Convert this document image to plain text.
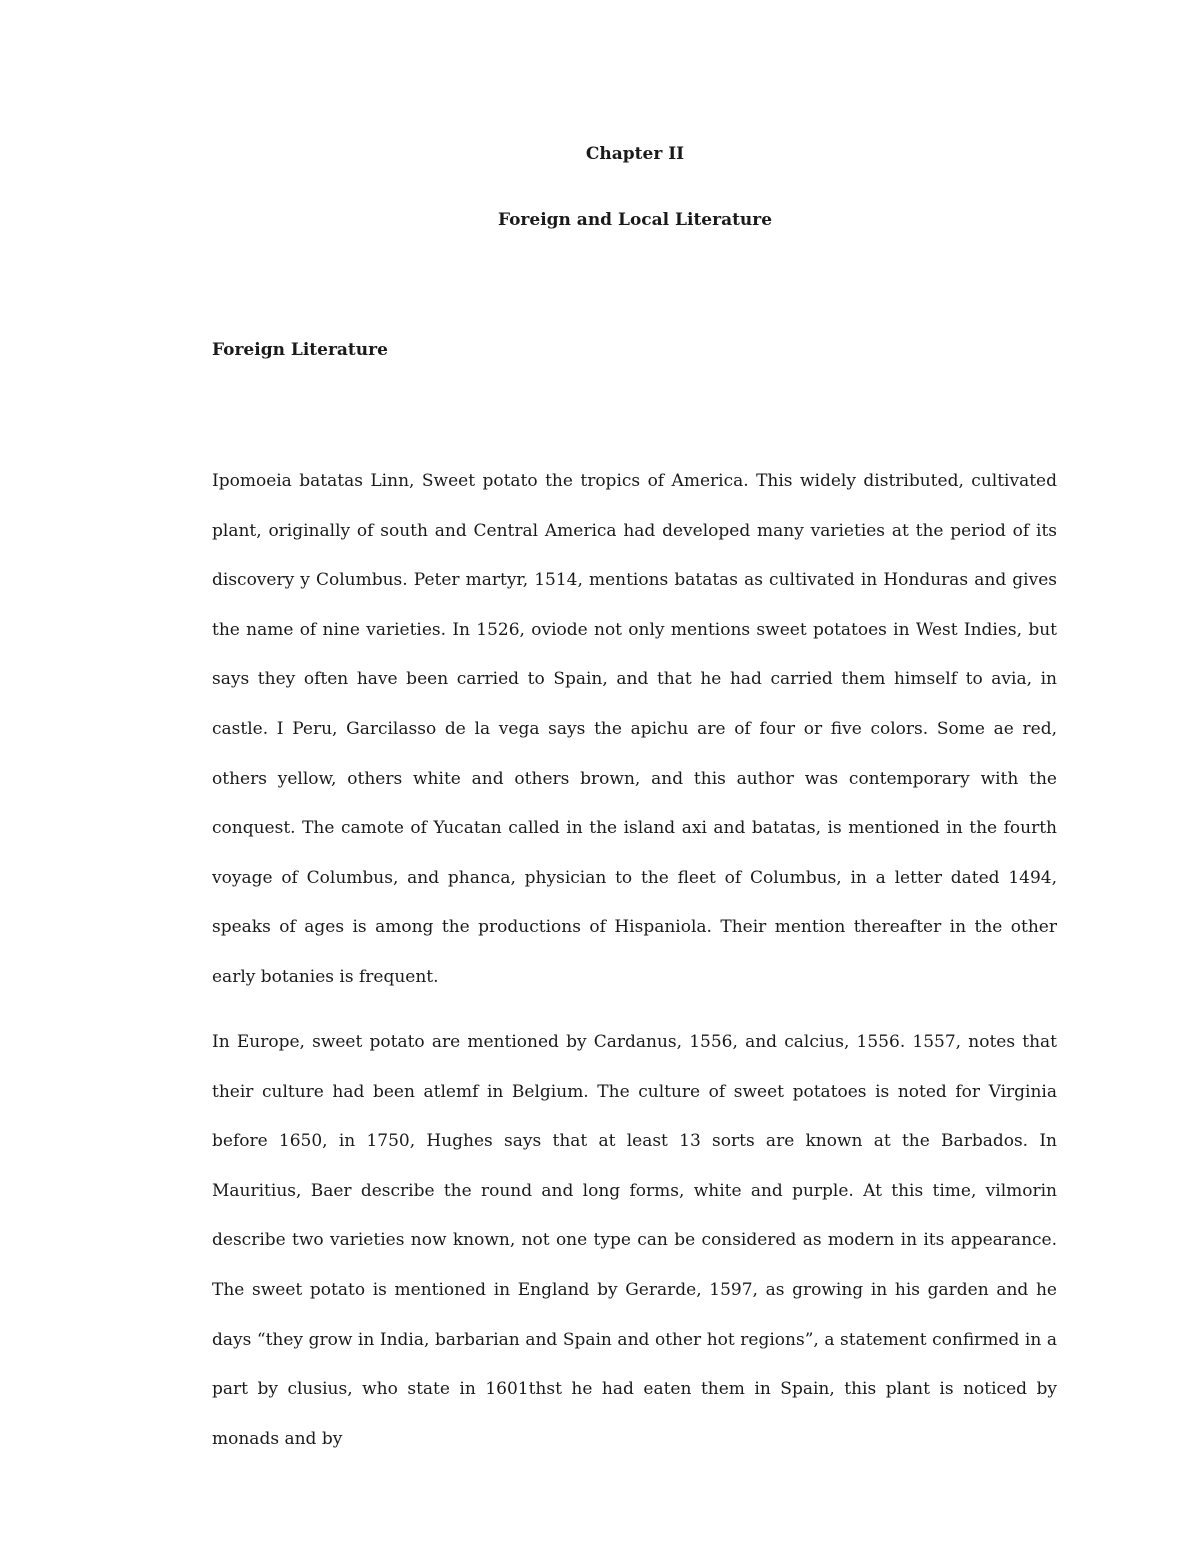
Chapter II
Foreign and Local Literature
Foreign Literature

Ipomoeia batatas Linn, Sweet potato the tropics of America. This widely distributed, cultivated plant, originally of south and Central America had developed many varieties at the period of its discovery y Columbus. Peter martyr, 1514, mentions batatas as cultivated in Honduras and gives the name of nine varieties. In 1526, oviode not only mentions sweet potatoes in West Indies, but says they often have been carried to Spain, and that he had carried them himself to avia, in castle. I Peru, Garcilasso de la vega says the apichu are of four or five colors. Some ae red, others yellow, others white and others brown, and this author was contemporary with the conquest. The camote of Yucatan called in the island axi and batatas, is mentioned in the fourth voyage of Columbus, and phanca, physician to the fleet of Columbus, in a letter dated 1494, speaks of ages is among the productions of Hispaniola. Their mention thereafter in the other early botanies is frequent.

In Europe, sweet potato are mentioned by Cardanus, 1556, and calcius, 1556. 1557, notes that their culture had been atlemf in Belgium. The culture of sweet potatoes is noted for Virginia before 1650, in 1750, Hughes says that at least 13 sorts are known at the Barbados. In Mauritius, Baer describe the round and long forms, white and purple. At this time, vilmorin describe two varieties now known, not one type can be considered as modern in its appearance. The sweet potato is mentioned in England by Gerarde, 1597, as growing in his garden and he days “they grow in India, barbarian and Spain and other hot regions”, a statement confirmed in a part by clusius, who state in 1601thst he had eaten them in Spain, this plant is noticed by monads and by
